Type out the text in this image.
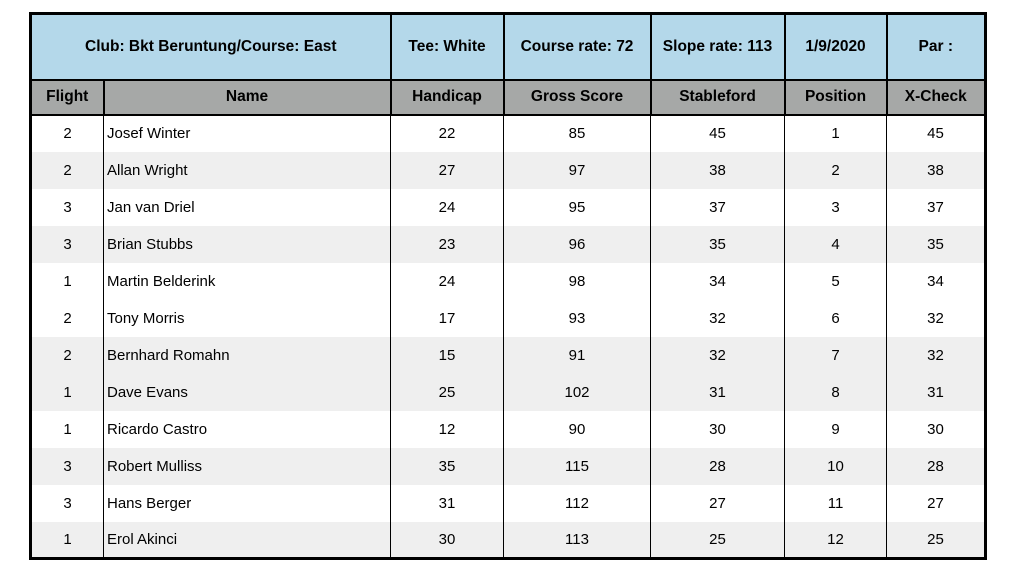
Club: Bkt Beruntung/Course: East		Tee: White	Course rate: 72	Slope rate: 113	1/9/2020	Par :
Flight	Name	Handicap	Gross Score	Stableford	Position	X-Check
2	Josef Winter	22	85	45	1	45
2	Allan Wright	27	97	38	2	38
3	Jan van Driel	24	95	37	3	37
3	Brian Stubbs	23	96	35	4	35
1	Martin Belderink	24	98	34	5	34
2	Tony Morris	17	93	32	6	32
2	Bernhard Romahn	15	91	32	7	32
1	Dave Evans	25	102	31	8	31
1	Ricardo Castro	12	90	30	9	30
3	Robert Mulliss	35	115	28	10	28
3	Hans Berger	31	112	27	11	27
1	Erol Akinci	30	113	25	12	25
